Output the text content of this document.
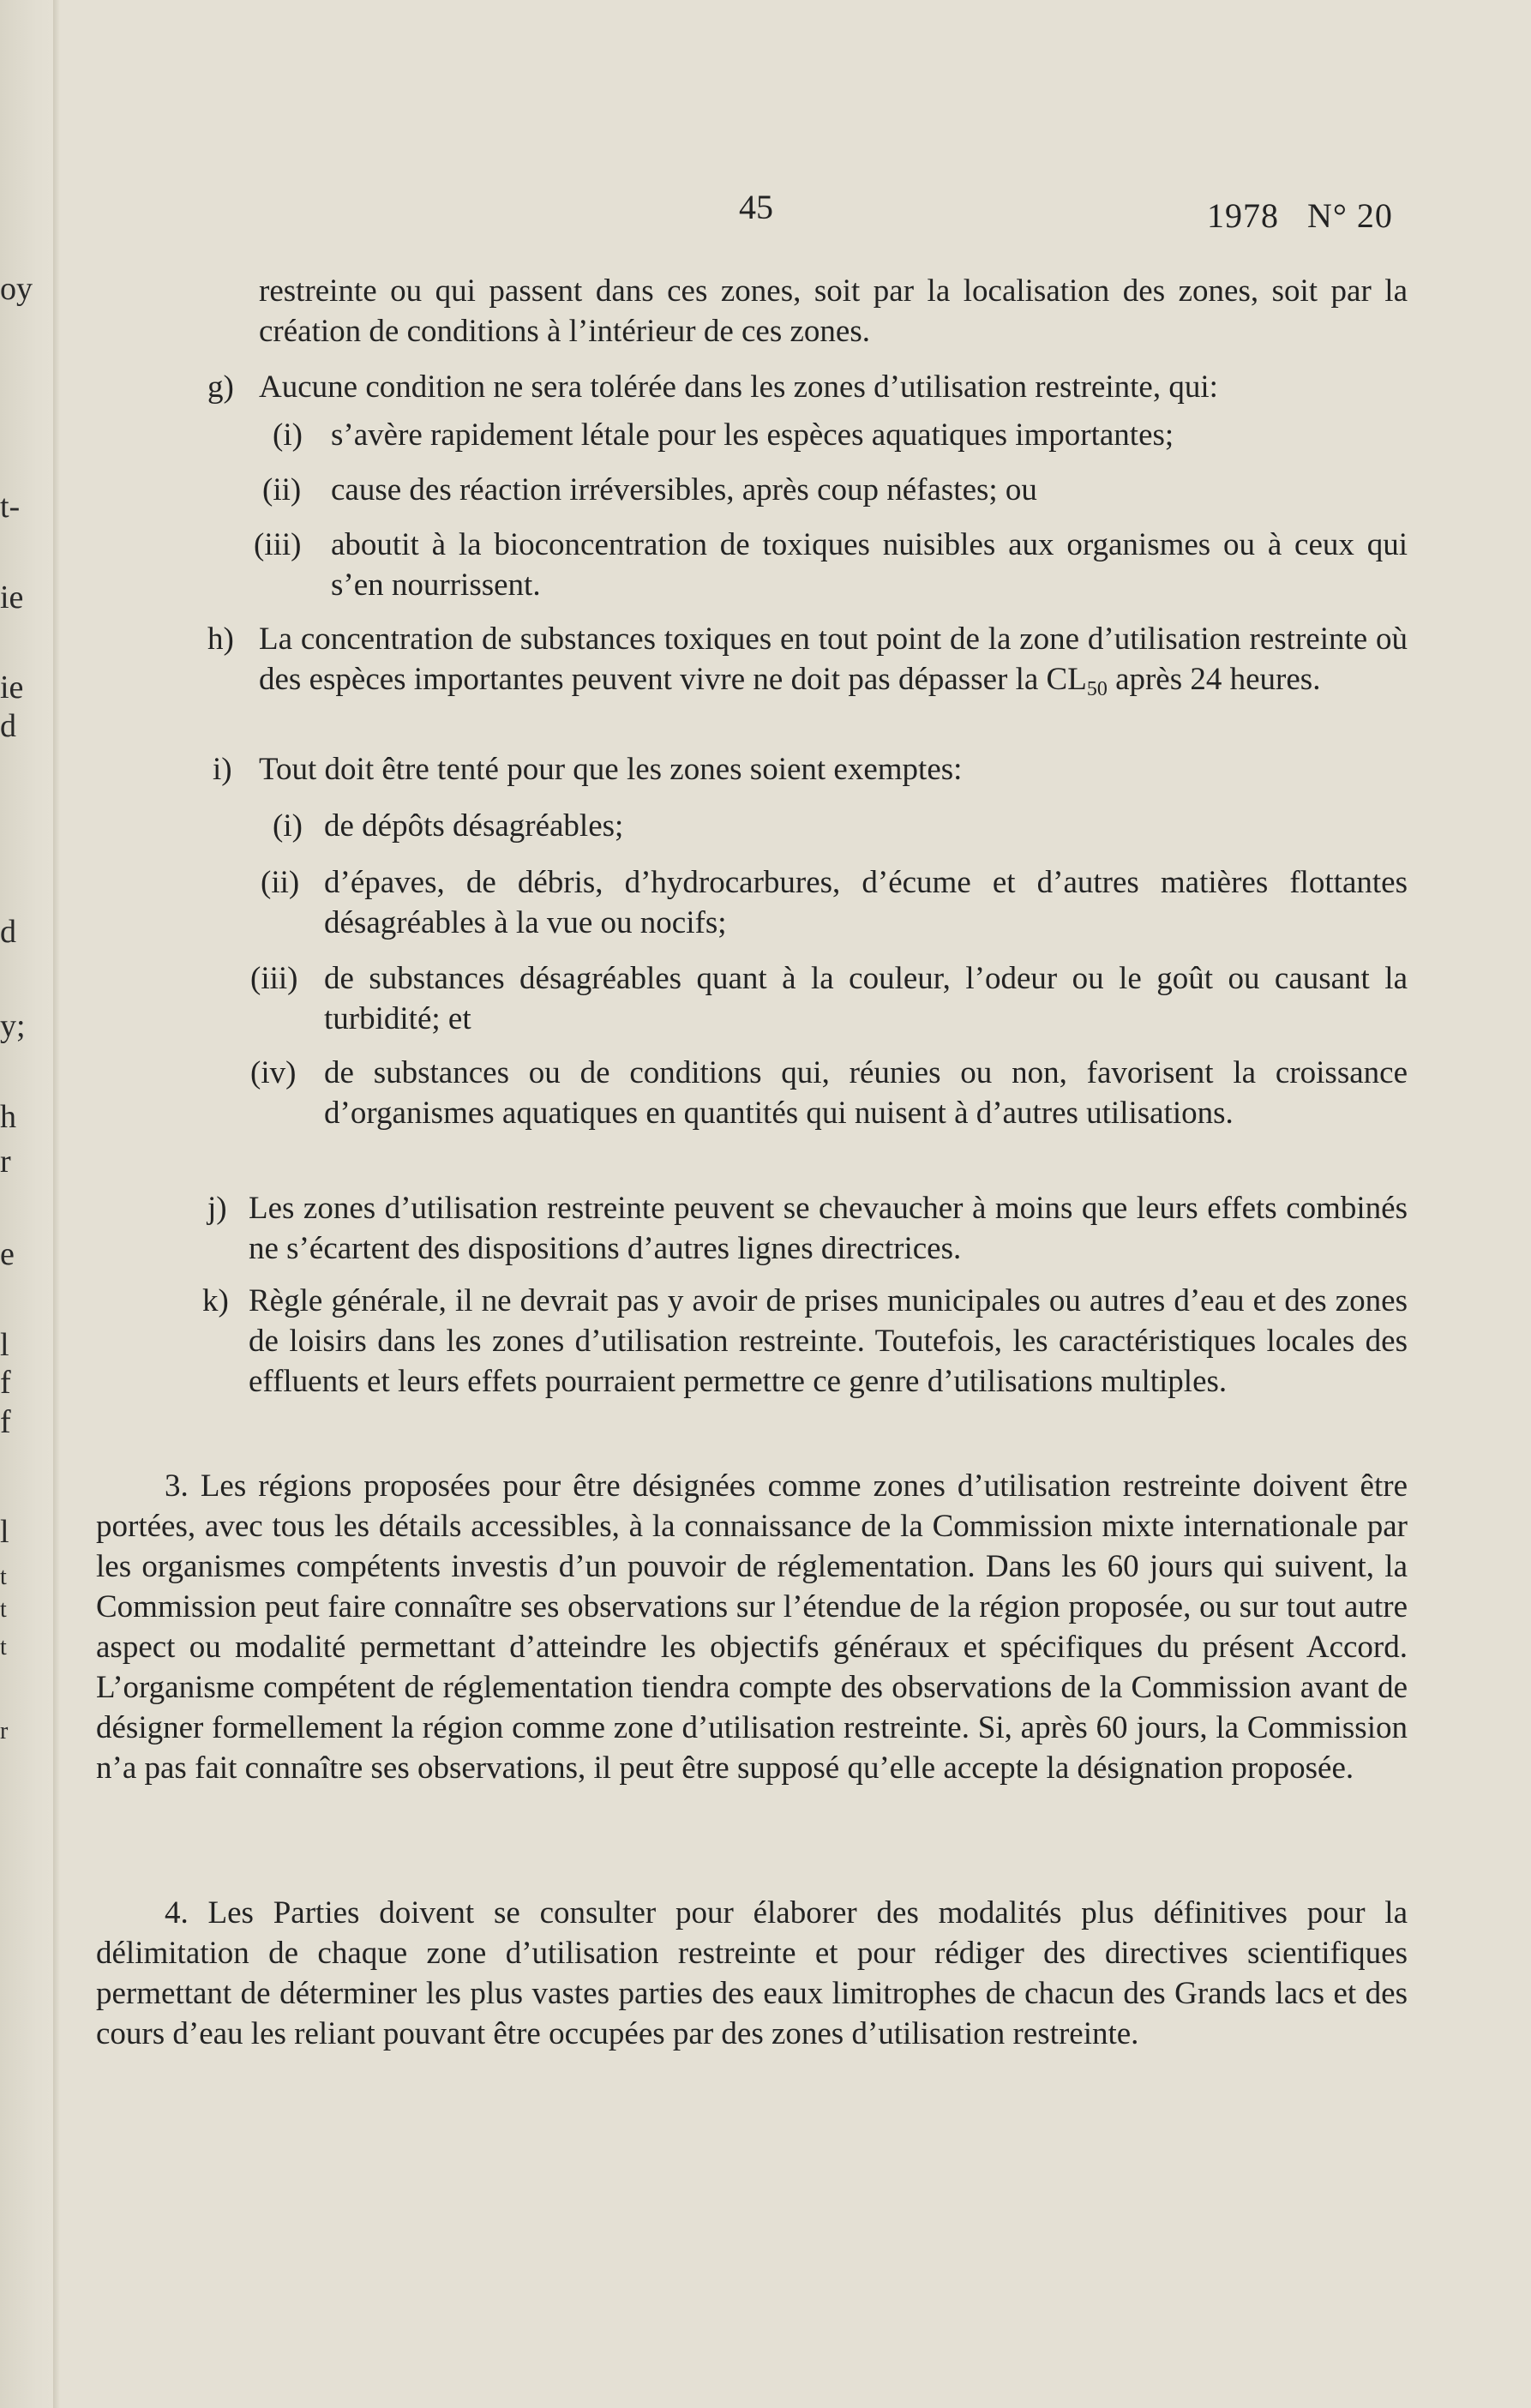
oy
t-
ie
ie
d
d
y;
h
r
e
l
f
f
l
t
t
t
r
45	1978 N° 20
restreinte ou qui passent dans ces zones, soit par la localisation des zones, soit par la création de conditions à l’intérieur de ces zones.
g) Aucune condition ne sera tolérée dans les zones d’utilisation restreinte, qui:
(i) s’avère rapidement létale pour les espèces aquatiques importantes;
(ii) cause des réaction irréversibles, après coup néfastes; ou
(iii) aboutit à la bioconcentration de toxiques nuisibles aux organismes ou à ceux qui s’en nourrissent.
h) La concentration de substances toxiques en tout point de la zone d’utilisation restreinte où des espèces importantes peuvent vivre ne doit pas dépasser la $CL_{50}$ après 24 heures.
i) Tout doit être tenté pour que les zones soient exemptes:
(i) de dépôts désagréables;
(ii) d’épaves, de débris, d’hydrocarbures, d’écume et d’autres matières flottantes désagréables à la vue ou nocifs;
(iii) de substances désagréables quant à la couleur, l’odeur ou le goût ou causant la turbidité; et
(iv) de substances ou de conditions qui, réunies ou non, favorisent la croissance d’organismes aquatiques en quantités qui nuisent à d’autres utilisations.
j) Les zones d’utilisation restreinte peuvent se chevaucher à moins que leurs effets combinés ne s’écartent des dispositions d’autres lignes directrices.
k) Règle générale, il ne devrait pas y avoir de prises municipales ou autres d’eau et des zones de loisirs dans les zones d’utilisation restreinte. Toutefois, les caractéristiques locales des effluents et leurs effets pourraient permettre ce genre d’utilisations multiples.
3. Les régions proposées pour être désignées comme zones d’utilisation restreinte doivent être portées, avec tous les détails accessibles, à la connaissance de la Commission mixte internationale par les organismes compétents investis d’un pouvoir de réglementation. Dans les 60 jours qui suivent, la Commission peut faire connaître ses observations sur l’étendue de la région proposée, ou sur tout autre aspect ou modalité permettant d’atteindre les objectifs généraux et spécifiques du présent Accord. L’organisme compétent de réglementation tiendra compte des observations de la Commission avant de désigner formellement la région comme zone d’utilisation restreinte. Si, après 60 jours, la Commission n’a pas fait connaître ses observations, il peut être supposé qu’elle accepte la désignation proposée.
4. Les Parties doivent se consulter pour élaborer des modalités plus définitives pour la délimitation de chaque zone d’utilisation restreinte et pour rédiger des directives scientifiques permettant de déterminer les plus vastes parties des eaux limitrophes de chacun des Grands lacs et des cours d’eau les reliant pouvant être occupées par des zones d’utilisation restreinte.
